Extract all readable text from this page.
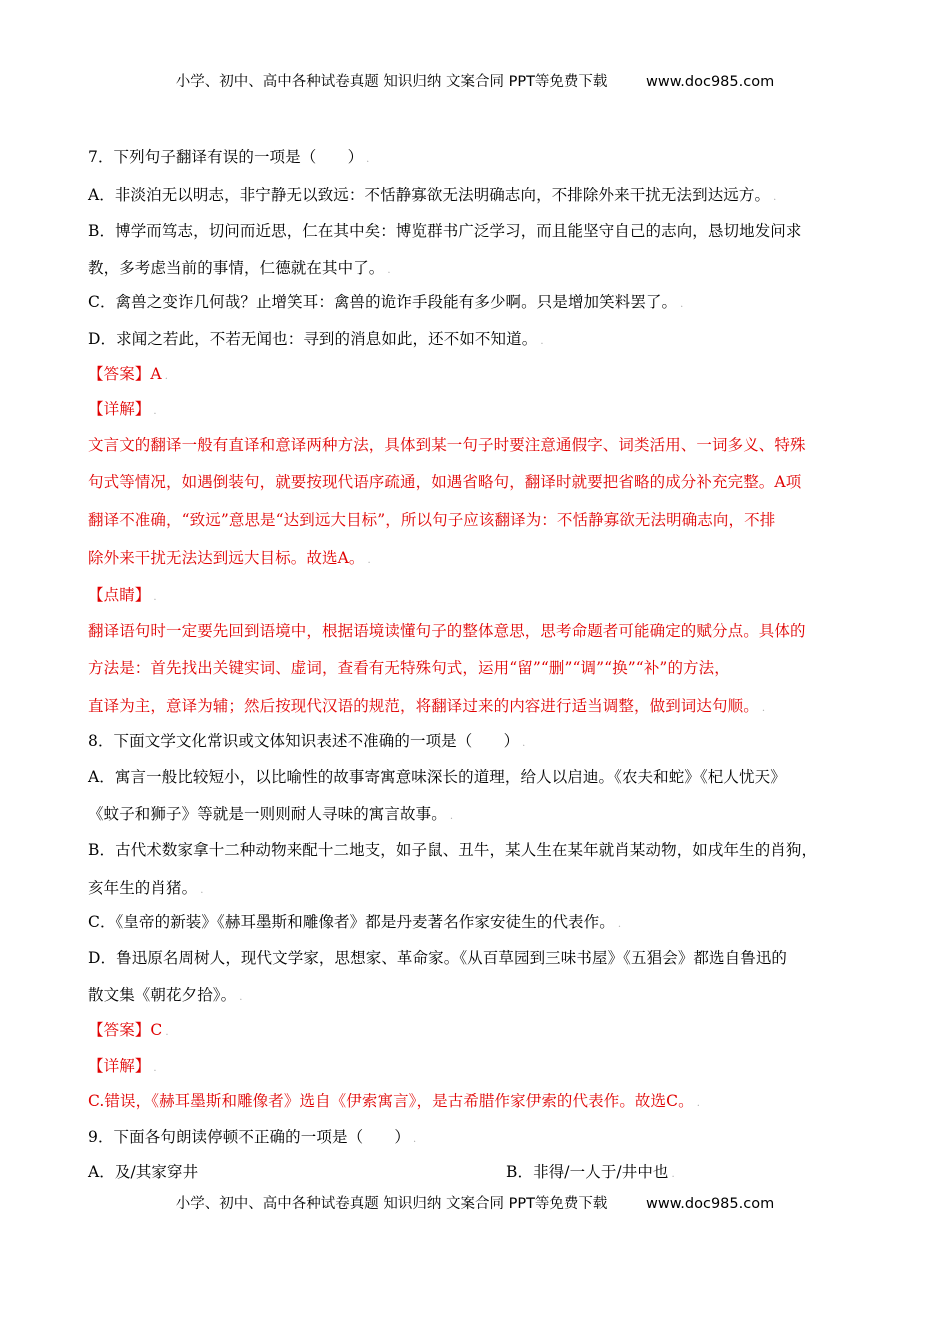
小学、初中、高中各种试卷真题 知识归纳 文案合同 PPT等免费下载	www.doc985.com
7．下列句子翻译有误的一项是（　　） .
A．非淡泊无以明志，非宁静无以致远：不恬静寡欲无法明确志向，不排除外来干扰无法到达远方。 .
B．博学而笃志，切问而近思，仁在其中矣：博览群书广泛学习，而且能坚守自己的志向，恳切地发问求
教，多考虑当前的事情，仁德就在其中了。 .
C．禽兽之变诈几何哉？止增笑耳：禽兽的诡诈手段能有多少啊。只是增加笑料罢了。 .
D．求闻之若此，不若无闻也：寻到的消息如此，还不如不知道。 .
【答案】A .
【详解】 .
文言文的翻译一般有直译和意译两种方法，具体到某一句子时要注意通假字、词类活用、一词多义、特殊
句式等情况，如遇倒装句，就要按现代语序疏通，如遇省略句，翻译时就要把省略的成分补充完整。A项
翻译不准确，“致远”意思是“达到远大目标”，所以句子应该翻译为：不恬静寡欲无法明确志向，不排
除外来干扰无法达到远大目标。故选A。 .
【点睛】 .
翻译语句时一定要先回到语境中，根据语境读懂句子的整体意思，思考命题者可能确定的赋分点。具体的
方法是：首先找出关键实词、虚词，查看有无特殊句式，运用“留”“删”“调”“换”“补”的方法，
直译为主，意译为辅；然后按现代汉语的规范，将翻译过来的内容进行适当调整，做到词达句顺。 .
8．下面文学文化常识或文体知识表述不准确的一项是（　　） .
A．寓言一般比较短小，以比喻性的故事寄寓意味深长的道理，给人以启迪。《农夫和蛇》《杞人忧天》
《蚊子和狮子》等就是一则则耐人寻味的寓言故事。 .
B．古代术数家拿十二种动物来配十二地支，如子鼠、丑牛，某人生在某年就肖某动物，如戌年生的肖狗，
亥年生的肖猪。 .
C．《皇帝的新装》《赫耳墨斯和雕像者》都是丹麦著名作家安徒生的代表作。 .
D．鲁迅原名周树人，现代文学家，思想家、革命家。《从百草园到三味书屋》《五猖会》都选自鲁迅的
散文集《朝花夕拾》。 .
【答案】C .
【详解】 .
C.错误，《赫耳墨斯和雕像者》选自《伊索寓言》，是古希腊作家伊索的代表作。故选C。 .
9．下面各句朗读停顿不正确的一项是（　　） .
A．及/其家穿井	B．非得/一人于/井中也 .
小学、初中、高中各种试卷真题 知识归纳 文案合同 PPT等免费下载	www.doc985.com
